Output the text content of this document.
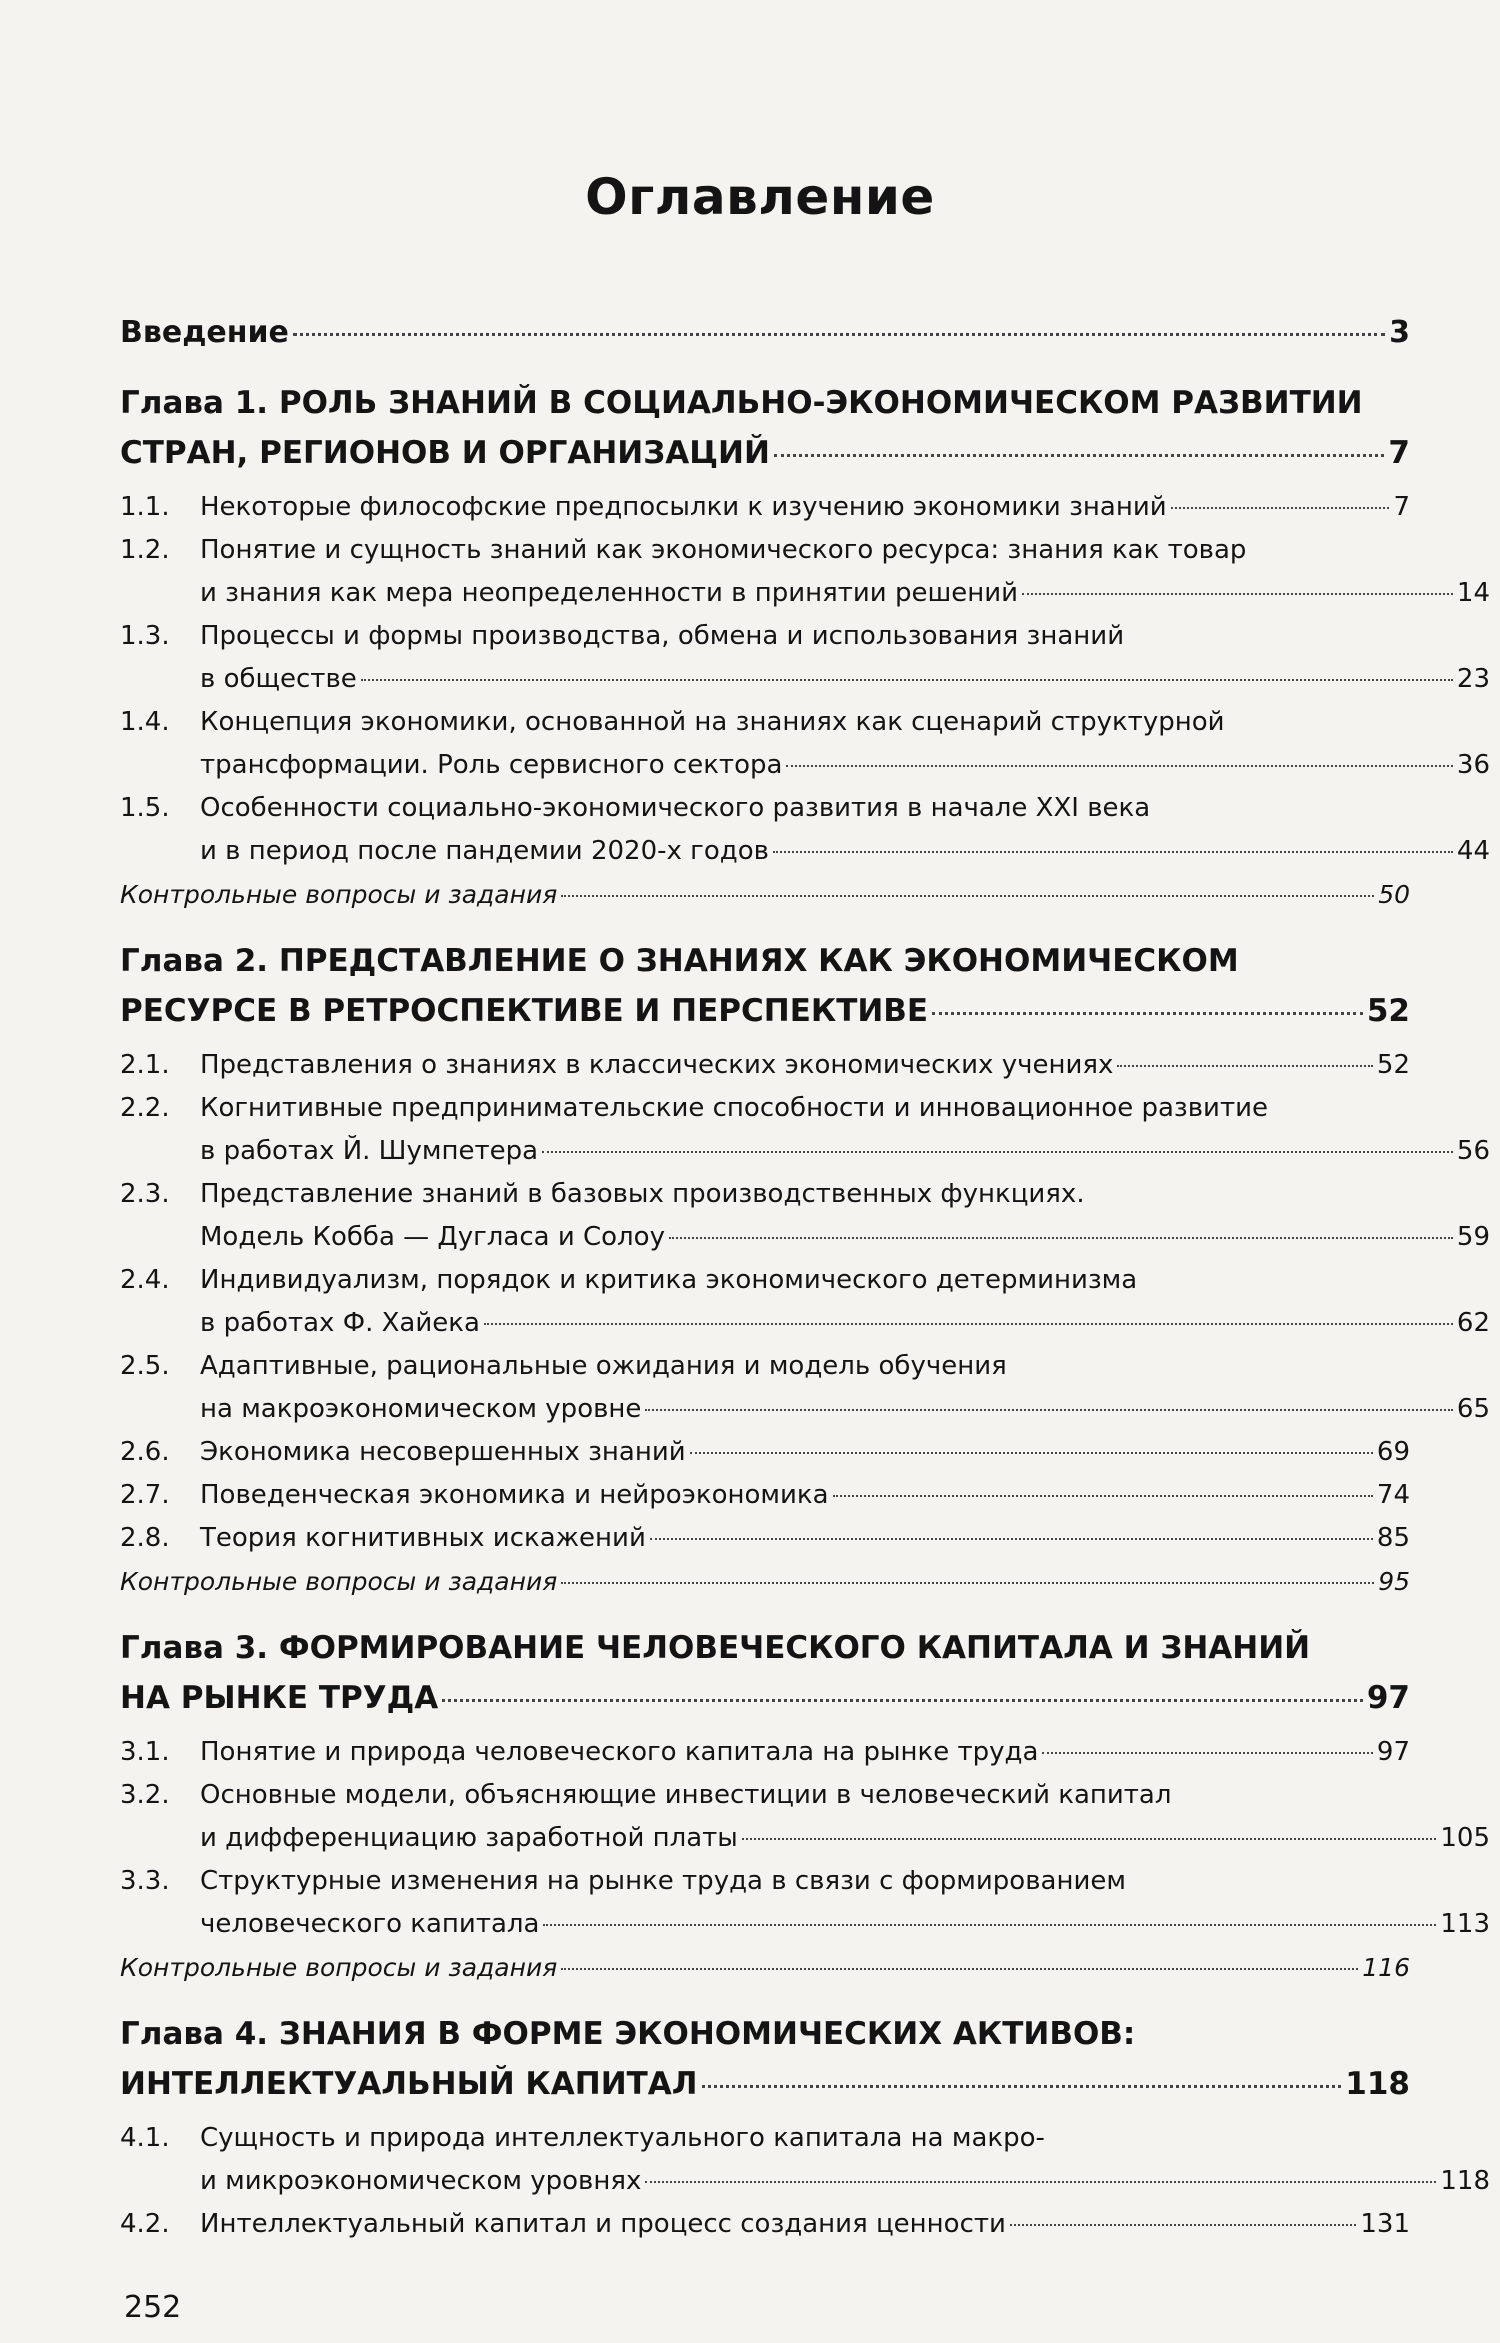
Оглавление
Введение	3
Глава 1. РОЛЬ ЗНАНИЙ В СОЦИАЛЬНО-ЭКОНОМИЧЕСКОМ РАЗВИТИИ
СТРАН, РЕГИОНОВ И ОРГАНИЗАЦИЙ	7
1.1.	Некоторые философские предпосылки к изучению экономики знаний	7
1.2.	Понятие и сущность знаний как экономического ресурса: знания как товар
и знания как мера неопределенности в принятии решений	14
1.3.	Процессы и формы производства, обмена и использования знаний
в обществе	23
1.4.	Концепция экономики, основанной на знаниях как сценарий структурной
трансформации. Роль сервисного сектора	36
1.5.	Особенности социально-экономического развития в начале XXI века
и в период после пандемии 2020-х годов	44
Контрольные вопросы и задания	50
Глава 2. ПРЕДСТАВЛЕНИЕ О ЗНАНИЯХ КАК ЭКОНОМИЧЕСКОМ
РЕСУРСЕ В РЕТРОСПЕКТИВЕ И ПЕРСПЕКТИВЕ	52
2.1.	Представления о знаниях в классических экономических учениях	52
2.2.	Когнитивные предпринимательские способности и инновационное развитие
в работах Й. Шумпетера	56
2.3.	Представление знаний в базовых производственных функциях.
Модель Кобба — Дугласа и Солоу	59
2.4.	Индивидуализм, порядок и критика экономического детерминизма
в работах Ф. Хайека	62
2.5.	Адаптивные, рациональные ожидания и модель обучения
на макроэкономическом уровне	65
2.6.	Экономика несовершенных знаний	69
2.7.	Поведенческая экономика и нейроэкономика	74
2.8.	Теория когнитивных искажений	85
Контрольные вопросы и задания	95
Глава 3. ФОРМИРОВАНИЕ ЧЕЛОВЕЧЕСКОГО КАПИТАЛА И ЗНАНИЙ
НА РЫНКЕ ТРУДА	97
3.1.	Понятие и природа человеческого капитала на рынке труда	97
3.2.	Основные модели, объясняющие инвестиции в человеческий капитал
и дифференциацию заработной платы	105
3.3.	Структурные изменения на рынке труда в связи с формированием
человеческого капитала	113
Контрольные вопросы и задания	116
Глава 4. ЗНАНИЯ В ФОРМЕ ЭКОНОМИЧЕСКИХ АКТИВОВ:
ИНТЕЛЛЕКТУАЛЬНЫЙ КАПИТАЛ	118
4.1.	Сущность и природа интеллектуального капитала на макро-
и микроэкономическом уровнях	118
4.2.	Интеллектуальный капитал и процесс создания ценности	131
252
